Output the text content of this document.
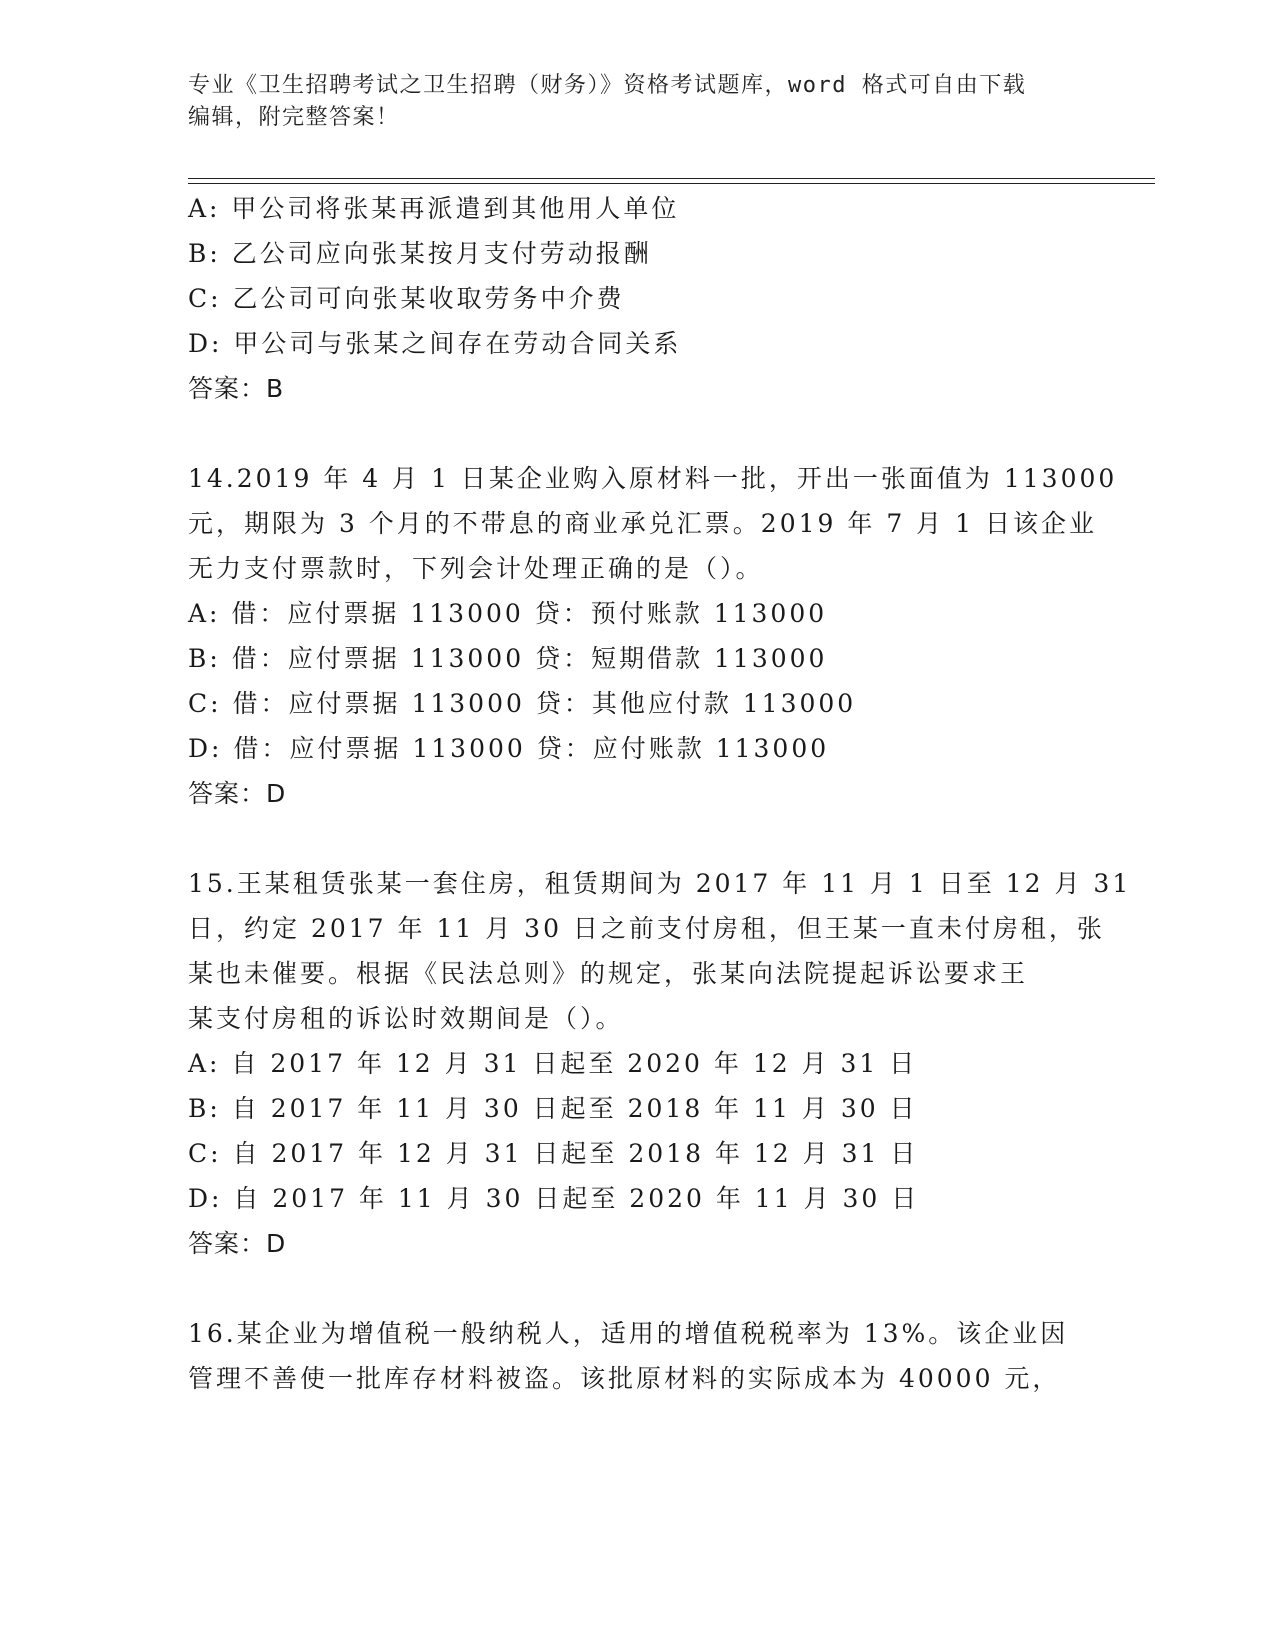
专业《卫生招聘考试之卫生招聘（财务）》资格考试题库，word 格式可自由下载
编辑，附完整答案！
A: 甲公司将张某再派遣到其他用人单位
B: 乙公司应向张某按月支付劳动报酬
C: 乙公司可向张某收取劳务中介费
D: 甲公司与张某之间存在劳动合同关系
答案：B
14.2019 年 4 月 1 日某企业购入原材料一批，开出一张面值为 113000
元，期限为 3 个月的不带息的商业承兑汇票。2019 年 7 月 1 日该企业
无力支付票款时，下列会计处理正确的是（）。
A: 借：应付票据 113000 贷：预付账款 113000
B: 借：应付票据 113000 贷：短期借款 113000
C: 借：应付票据 113000 贷：其他应付款 113000
D: 借：应付票据 113000 贷：应付账款 113000
答案：D
15.王某租赁张某一套住房，租赁期间为 2017 年 11 月 1 日至 12 月 31
日，约定 2017 年 11 月 30 日之前支付房租，但王某一直未付房租，张
某也未催要。根据《民法总则》的规定，张某向法院提起诉讼要求王
某支付房租的诉讼时效期间是（）。
A: 自 2017 年 12 月 31 日起至 2020 年 12 月 31 日
B: 自 2017 年 11 月 30 日起至 2018 年 11 月 30 日
C: 自 2017 年 12 月 31 日起至 2018 年 12 月 31 日
D: 自 2017 年 11 月 30 日起至 2020 年 11 月 30 日
答案：D
16.某企业为增值税一般纳税人，适用的增值税税率为 13%。该企业因
管理不善使一批库存材料被盗。该批原材料的实际成本为 40000 元，
